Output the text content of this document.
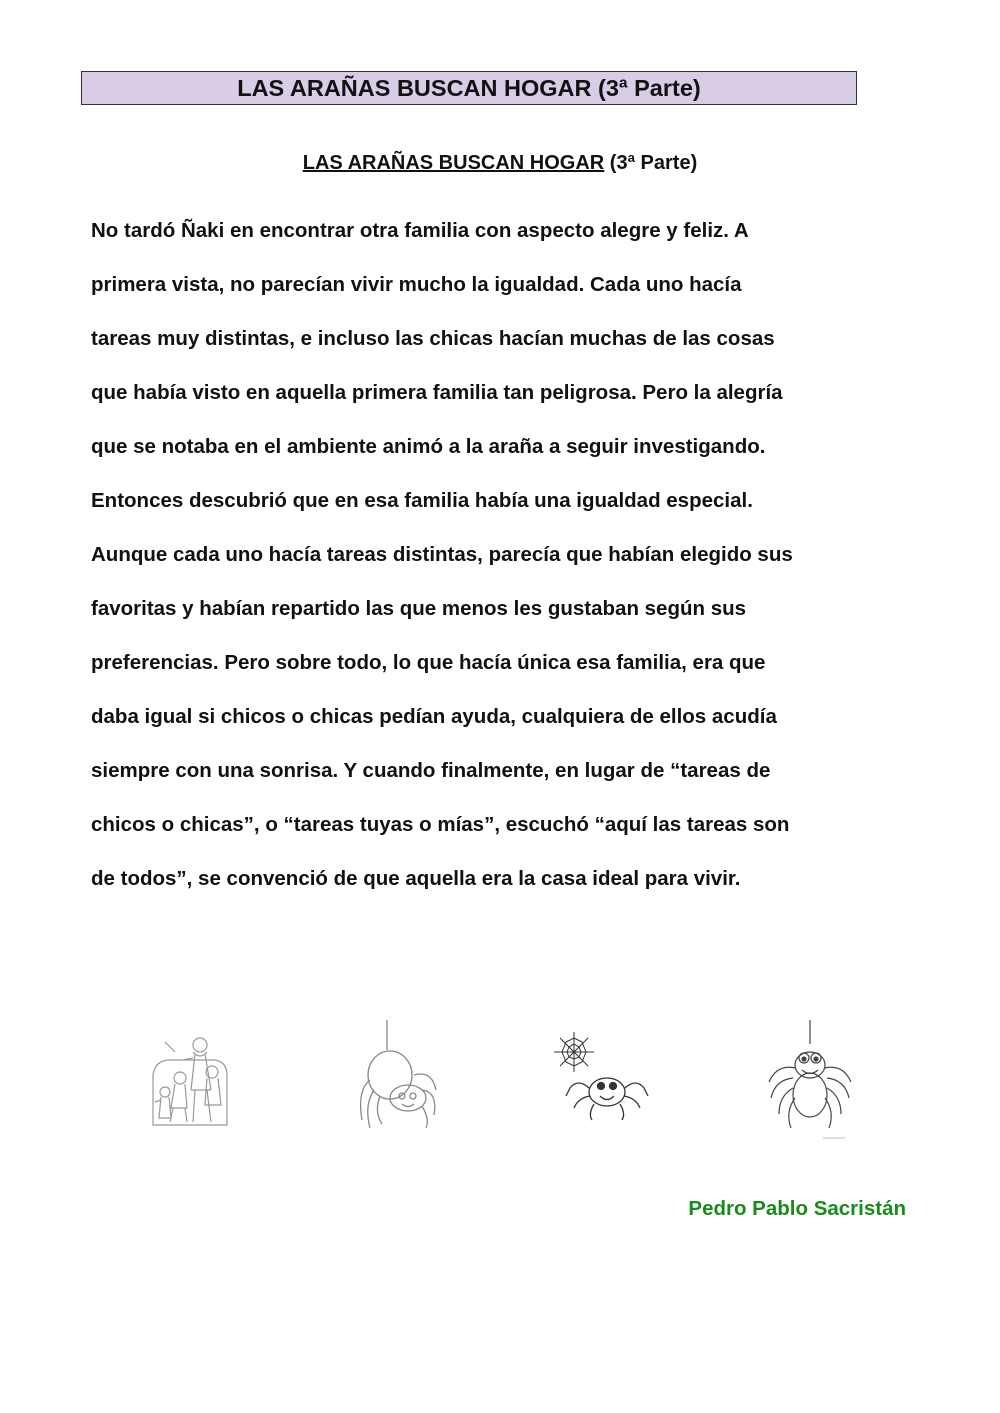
LAS ARAÑAS BUSCAN HOGAR (3ª Parte)
LAS ARAÑAS BUSCAN HOGAR (3ª Parte)
No tardó Ñaki en encontrar otra familia con aspecto alegre y feliz. A
primera vista, no parecían vivir mucho la igualdad. Cada uno hacía
tareas muy distintas, e incluso las chicas hacían muchas de las cosas
que había visto en aquella primera familia tan peligrosa. Pero la alegría
que se notaba en el ambiente animó a la araña a seguir investigando.
Entonces descubrió que en esa familia había una igualdad especial.
Aunque cada uno hacía tareas distintas, parecía que habían elegido sus
favoritas y habían repartido las que menos les gustaban según sus
preferencias. Pero sobre todo, lo que hacía única esa familia, era que
daba igual si chicos o chicas pedían ayuda, cualquiera de ellos acudía
siempre con una sonrisa. Y cuando finalmente, en lugar de “tareas de
chicos o chicas”, o “tareas tuyas o mías”, escuchó “aquí las tareas son
de todos”, se convenció de que aquella era la casa ideal para vivir.
Pedro Pablo Sacristán
